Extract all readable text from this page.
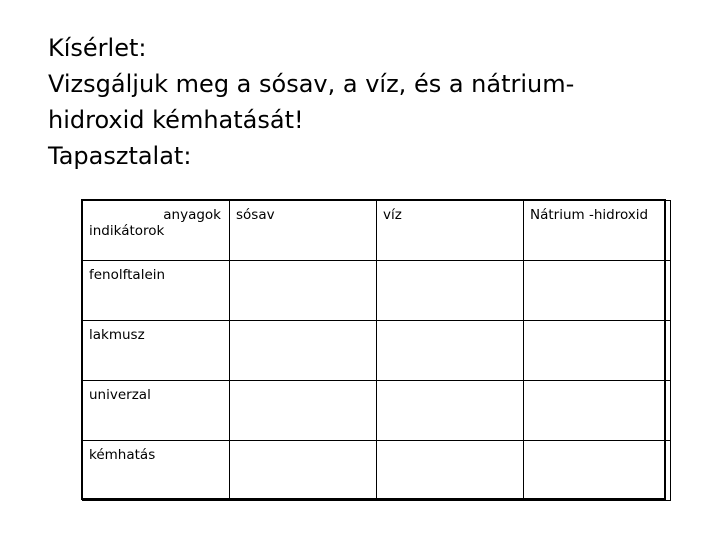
Kísérlet:
Vizsgáljuk meg a sósav, a víz, és a nátrium-
hidroxid kémhatását!
Tapasztalat:
anyagok
indikátorok	sósav	víz	Nátrium -hidroxid
fenolftalein			
lakmusz			
univerzal			
kémhatás			
